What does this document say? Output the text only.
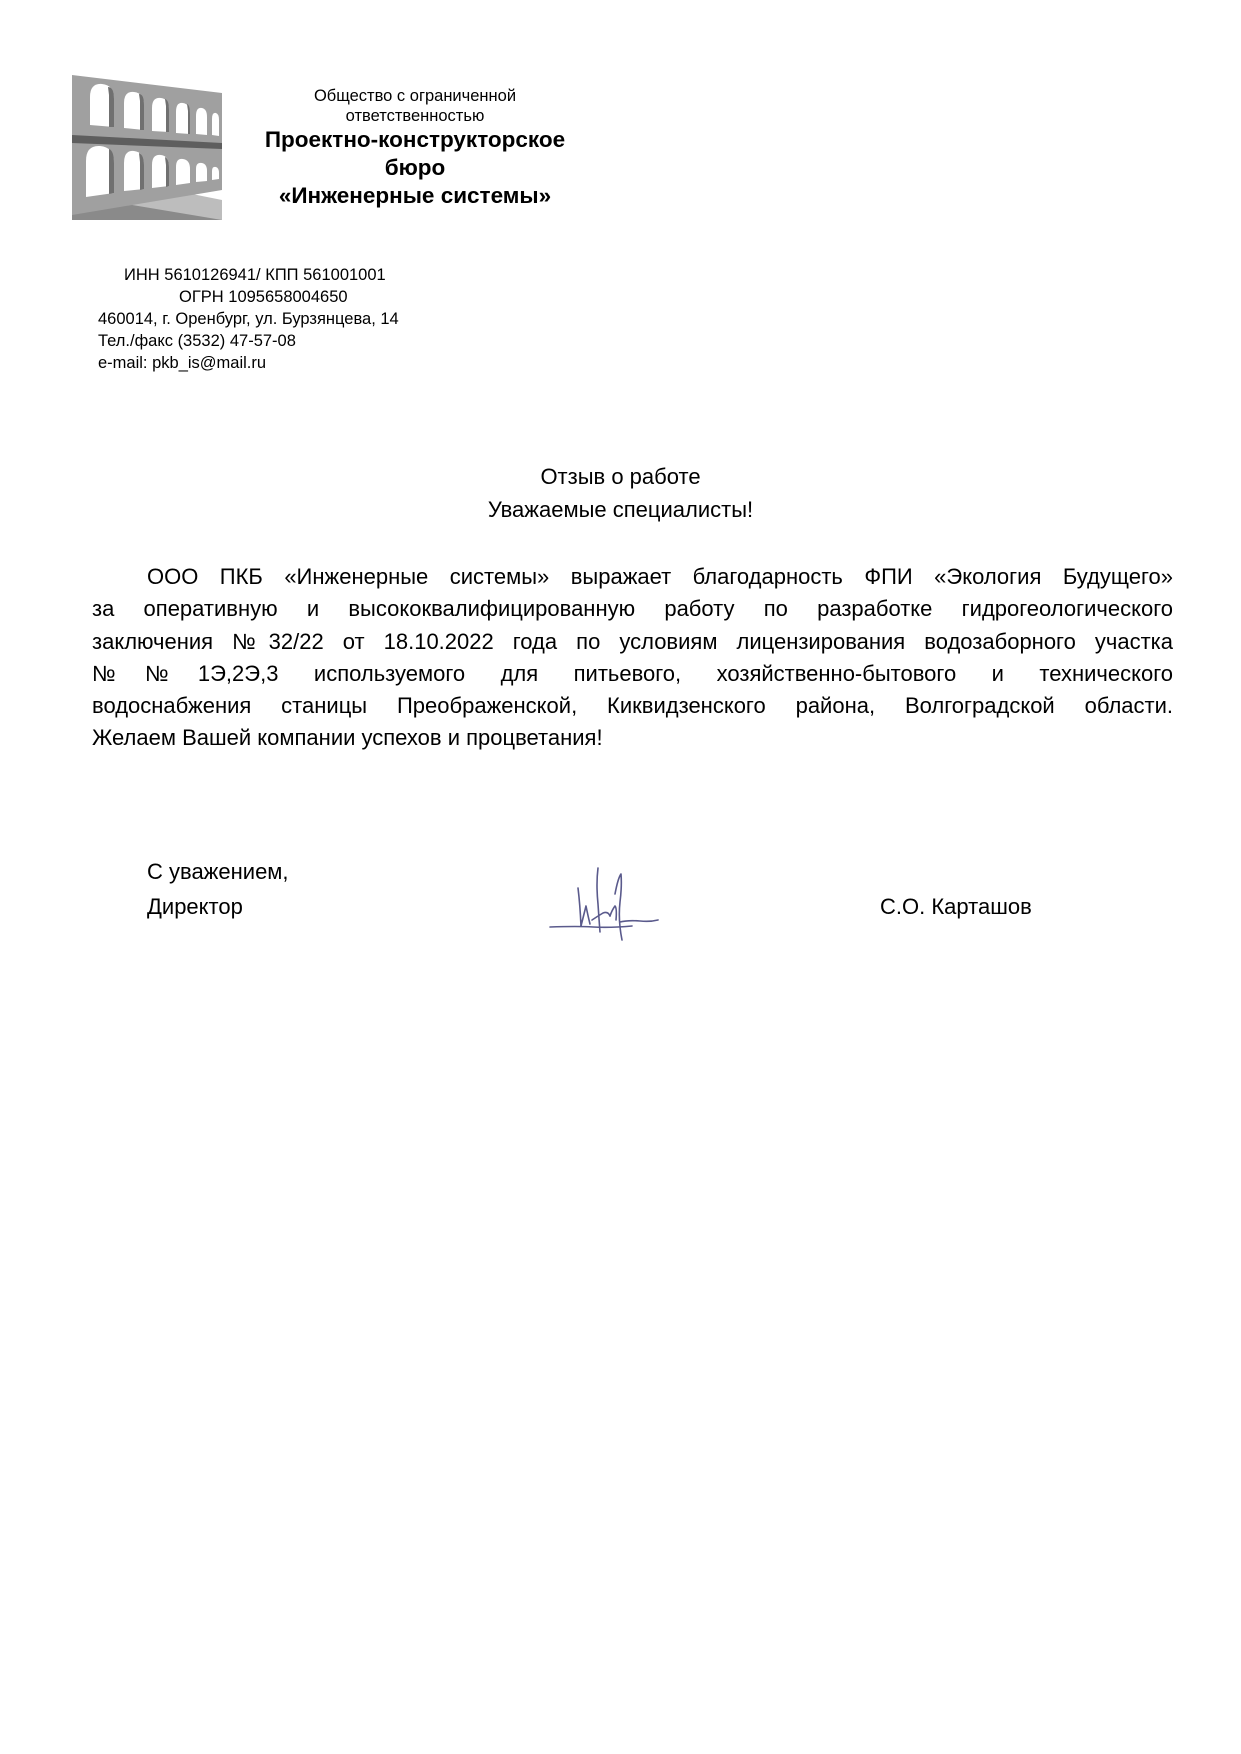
Общество с ограниченной
ответственностью
Проектно-конструкторское
бюро
«Инженерные системы»
ИНН 5610126941/ КПП 561001001
ОГРН 1095658004650
460014, г. Оренбург, ул. Бурзянцева, 14
Тел./факс (3532) 47-57-08
e-mail: pkb_is@mail.ru
Отзыв о работе
Уважаемые специалисты!
ООО ПКБ «Инженерные системы» выражает благодарность ФПИ «Экология Будущего»
за оперативную и высококвалифицированную работу по разработке гидрогеологического
заключения №32/22 от 18.10.2022 года по условиям лицензирования водозаборного участка
№№1Э,2Э,3 используемого для питьевого, хозяйственно-бытового и технического
водоснабжения станицы Преображенской, Киквидзенского района, Волгоградской области.
Желаем Вашей компании успехов и процветания!
С уважением,
Директор	С.О. Карташов
